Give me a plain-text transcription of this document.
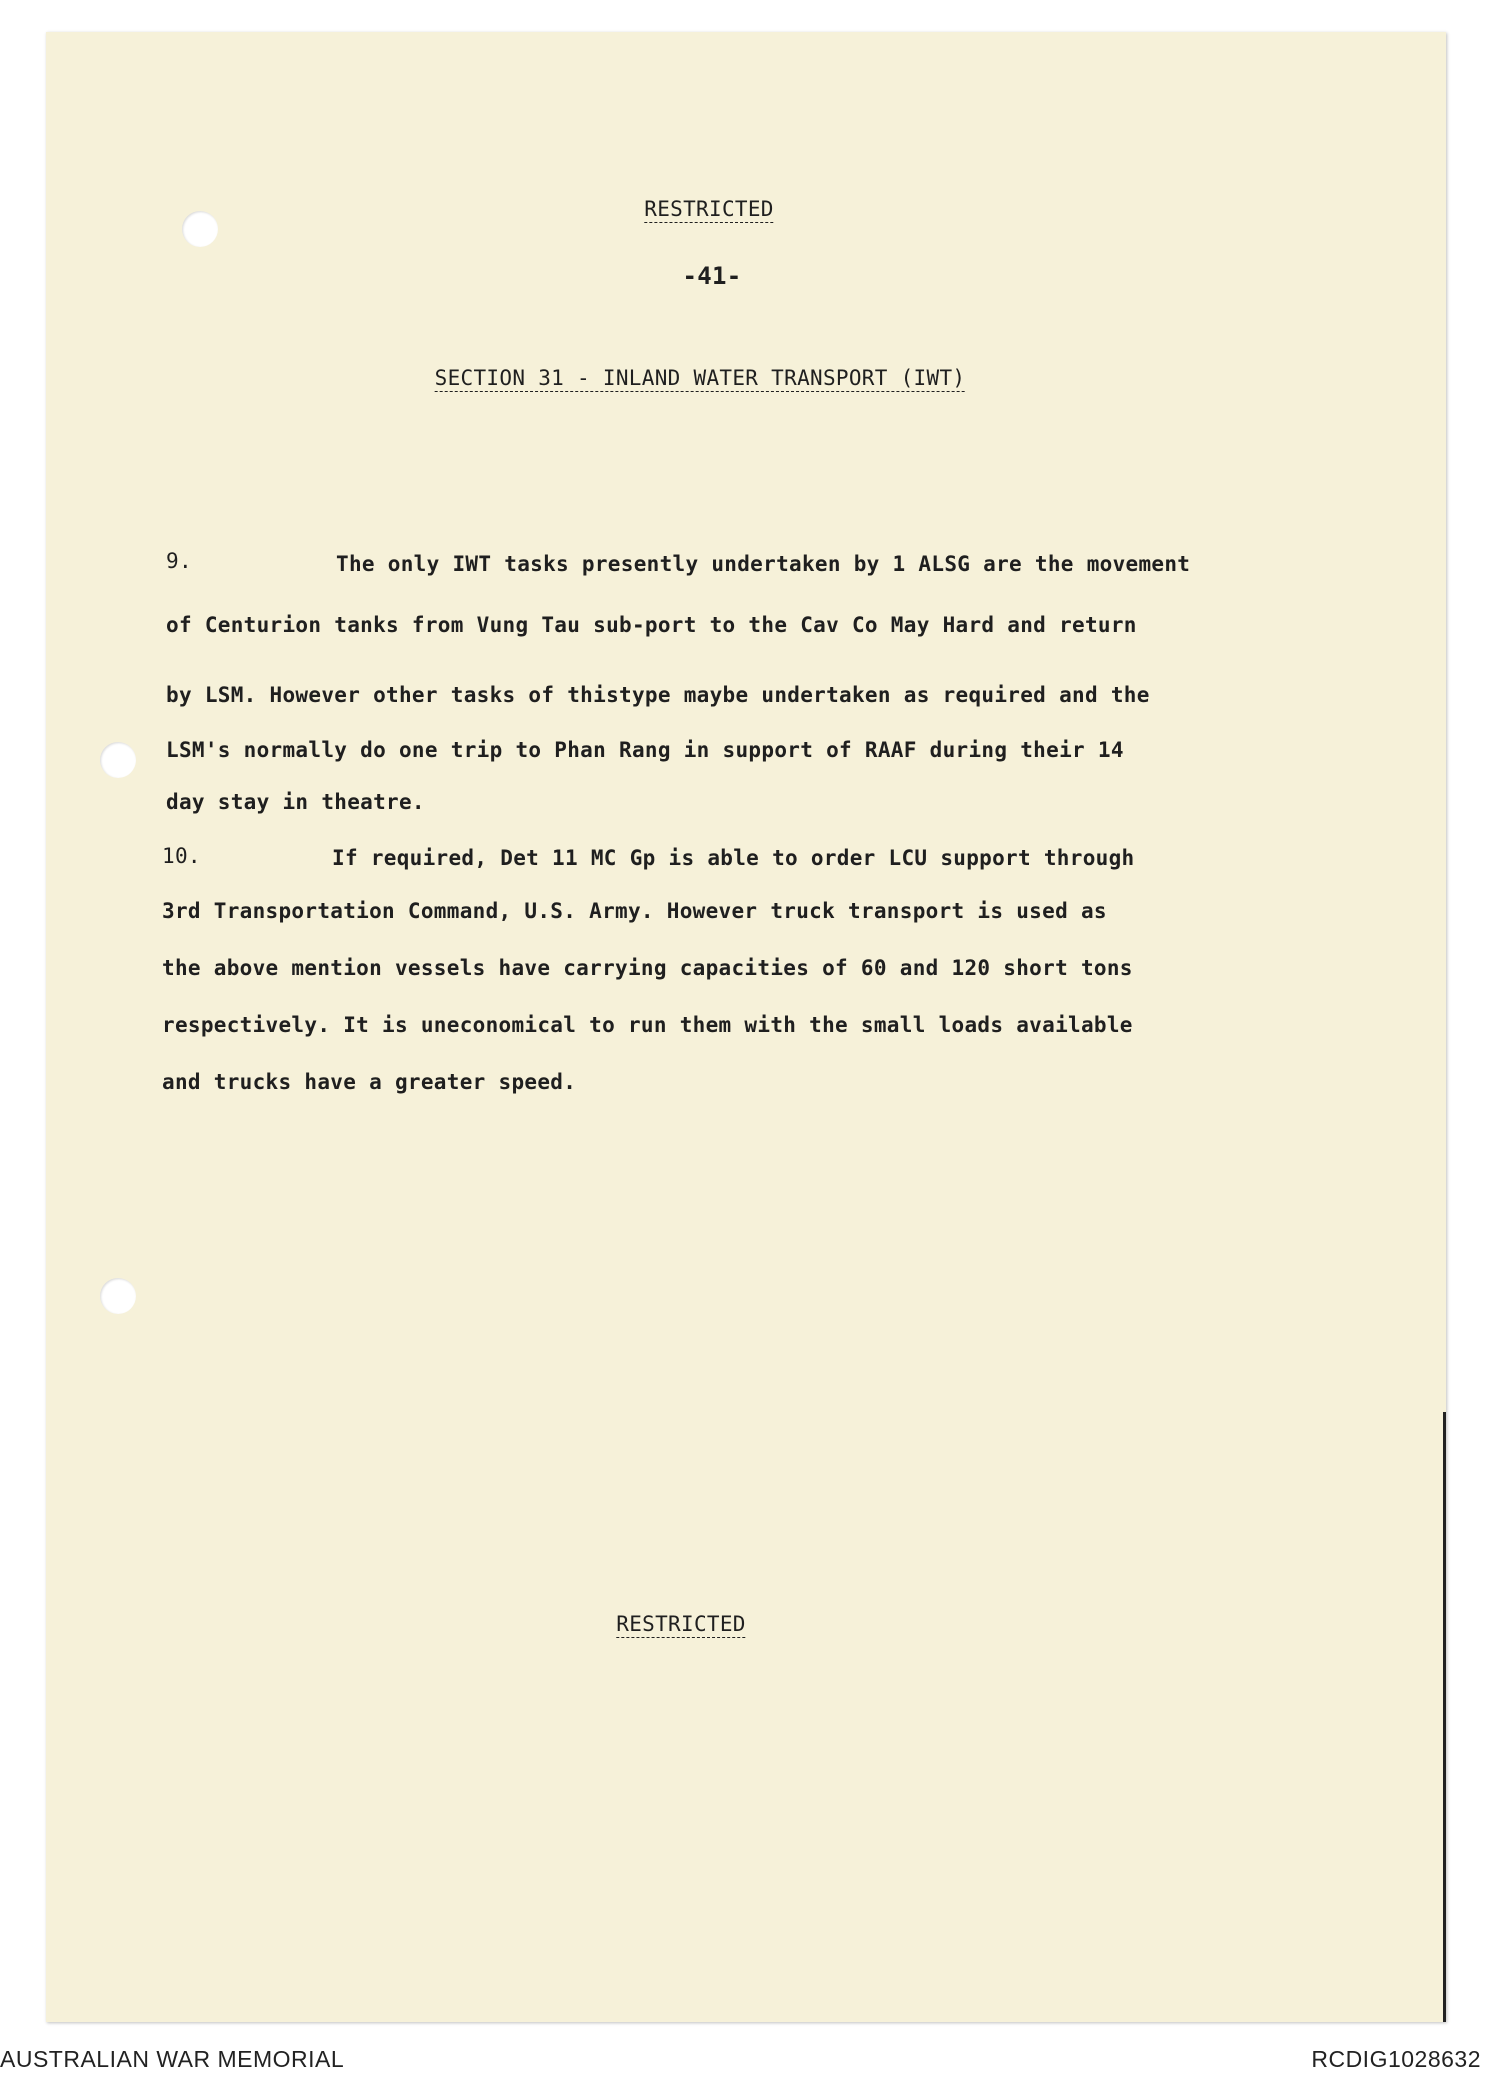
RESTRICTED
-41-
SECTION 31 - INLAND WATER TRANSPORT (IWT)
9.	The only IWT tasks presently undertaken by 1 ALSG are the movement
of Centurion tanks from Vung Tau sub-port to the Cav Co May Hard and return
by LSM. However other tasks of thistype maybe undertaken as required and the
LSM's normally do one trip to Phan Rang in support of RAAF during their 14
day stay in theatre.
10.	If required, Det 11 MC Gp is able to order LCU support through
3rd Transportation Command, U.S. Army. However truck transport is used as
the above mention vessels have carrying capacities of 60 and 120 short tons
respectively. It is uneconomical to run them with the small loads available
and trucks have a greater speed.
RESTRICTED
AUSTRALIAN WAR MEMORIAL	RCDIG1028632
